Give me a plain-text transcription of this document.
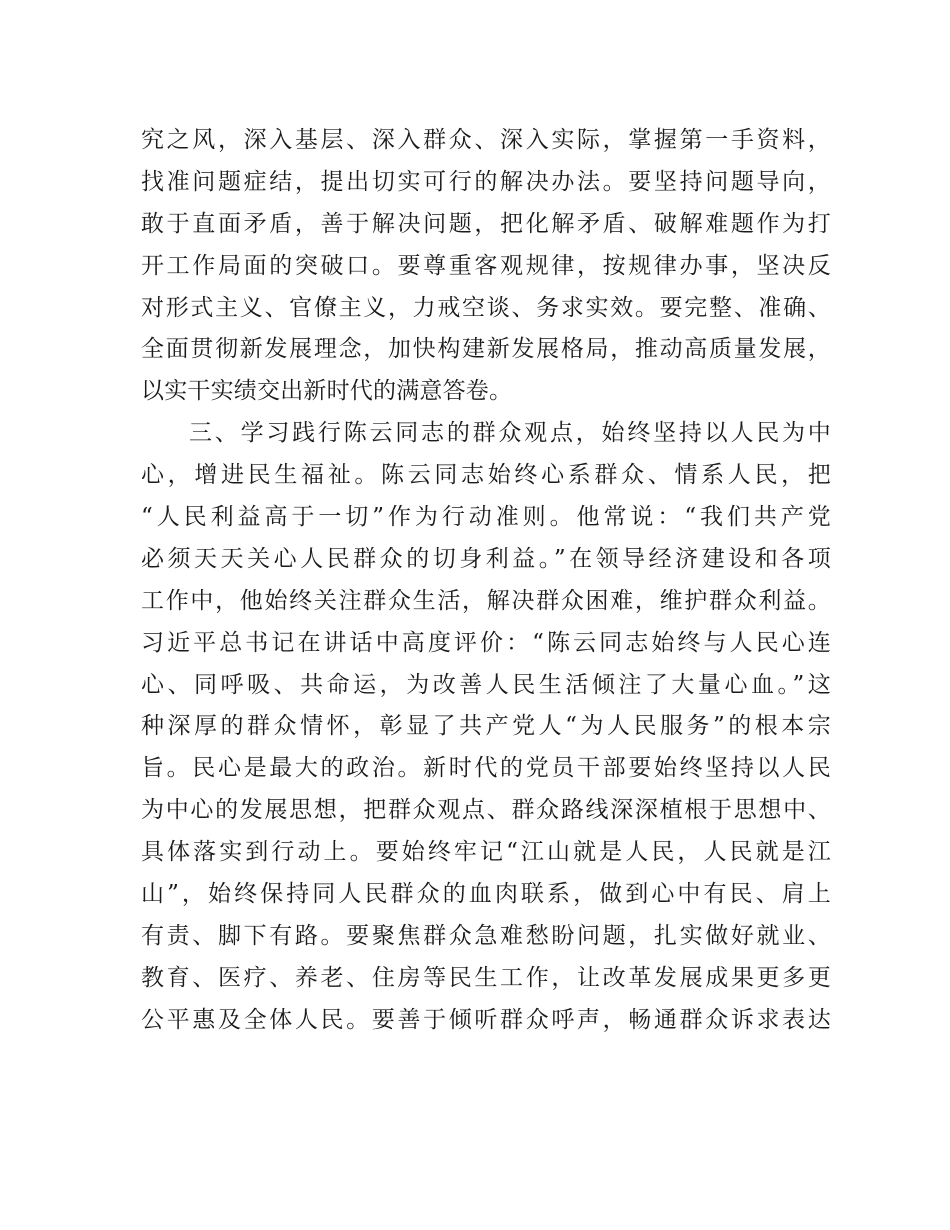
究之风，深入基层、深入群众、深入实际，掌握第一手资料，
找准问题症结，提出切实可行的解决办法。要坚持问题导向，
敢于直面矛盾，善于解决问题，把化解矛盾、破解难题作为打
开工作局面的突破口。要尊重客观规律，按规律办事，坚决反
对形式主义、官僚主义，力戒空谈、务求实效。要完整、准确、
全面贯彻新发展理念，加快构建新发展格局，推动高质量发展，
以实干实绩交出新时代的满意答卷。
三、学习践行陈云同志的群众观点，始终坚持以人民为中
心，增进民生福祉。陈云同志始终心系群众、情系人民，把
“人民利益高于一切”作为行动准则。他常说：“我们共产党
必须天天关心人民群众的切身利益。”在领导经济建设和各项
工作中，他始终关注群众生活，解决群众困难，维护群众利益。
习近平总书记在讲话中高度评价：“陈云同志始终与人民心连
心、同呼吸、共命运，为改善人民生活倾注了大量心血。”这
种深厚的群众情怀，彰显了共产党人“为人民服务”的根本宗
旨。民心是最大的政治。新时代的党员干部要始终坚持以人民
为中心的发展思想，把群众观点、群众路线深深植根于思想中、
具体落实到行动上。要始终牢记“江山就是人民，人民就是江
山”，始终保持同人民群众的血肉联系，做到心中有民、肩上
有责、脚下有路。要聚焦群众急难愁盼问题，扎实做好就业、
教育、医疗、养老、住房等民生工作，让改革发展成果更多更
公平惠及全体人民。要善于倾听群众呼声，畅通群众诉求表达
